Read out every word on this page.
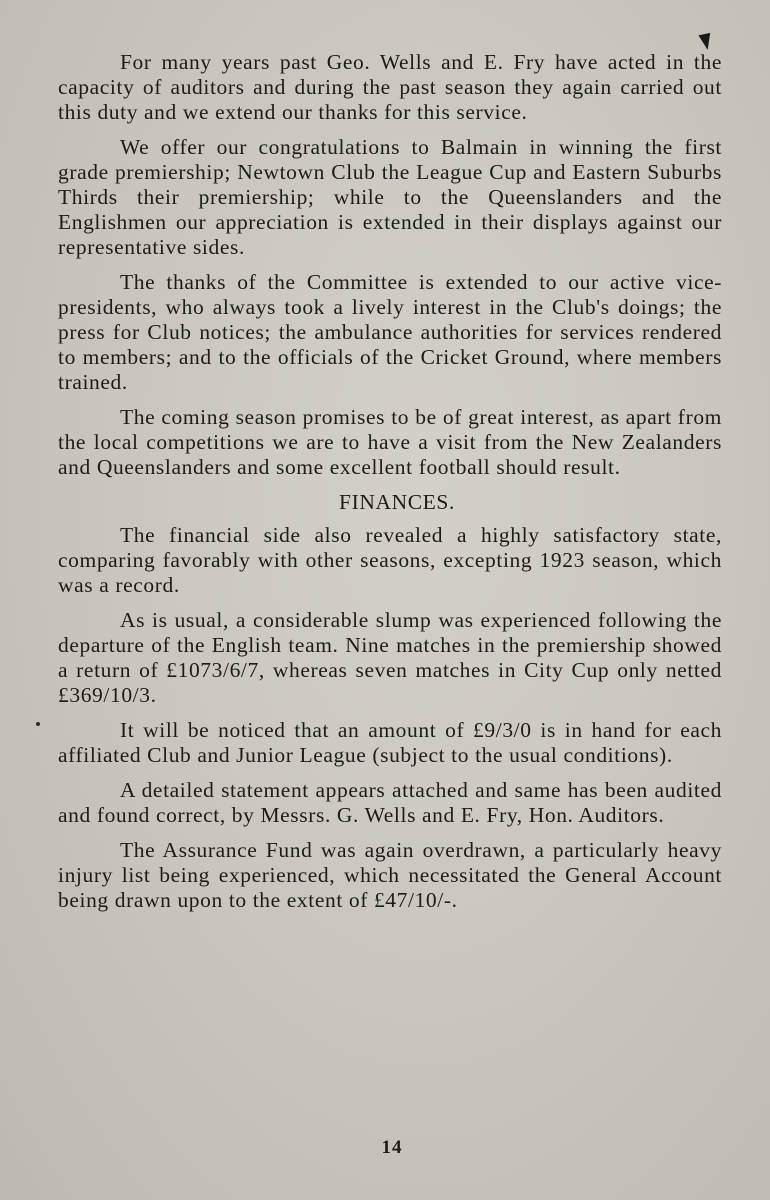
For many years past Geo. Wells and E. Fry have acted in the capacity of auditors and during the past season they again carried out this duty and we extend our thanks for this service.

We offer our congratulations to Balmain in winning the first grade premiership; Newtown Club the League Cup and Eastern Suburbs Thirds their premiership; while to the Queenslanders and the Englishmen our appreciation is extended in their displays against our representative sides.

The thanks of the Committee is extended to our active vice-presidents, who always took a lively interest in the Club's doings; the press for Club notices; the ambulance authorities for services rendered to members; and to the officials of the Cricket Ground, where members trained.

The coming season promises to be of great interest, as apart from the local competitions we are to have a visit from the New Zealanders and Queenslanders and some excellent football should result.

FINANCES.

The financial side also revealed a highly satisfactory state, comparing favorably with other seasons, excepting 1923 season, which was a record.

As is usual, a considerable slump was experienced following the departure of the English team. Nine matches in the premiership showed a return of £1073/6/7, whereas seven matches in City Cup only netted £369/10/3.

It will be noticed that an amount of £9/3/0 is in hand for each affiliated Club and Junior League (subject to the usual conditions).

A detailed statement appears attached and same has been audited and found correct, by Messrs. G. Wells and E. Fry, Hon. Auditors.

The Assurance Fund was again overdrawn, a particularly heavy injury list being experienced, which necessitated the General Account being drawn upon to the extent of £47/10/-.

14
